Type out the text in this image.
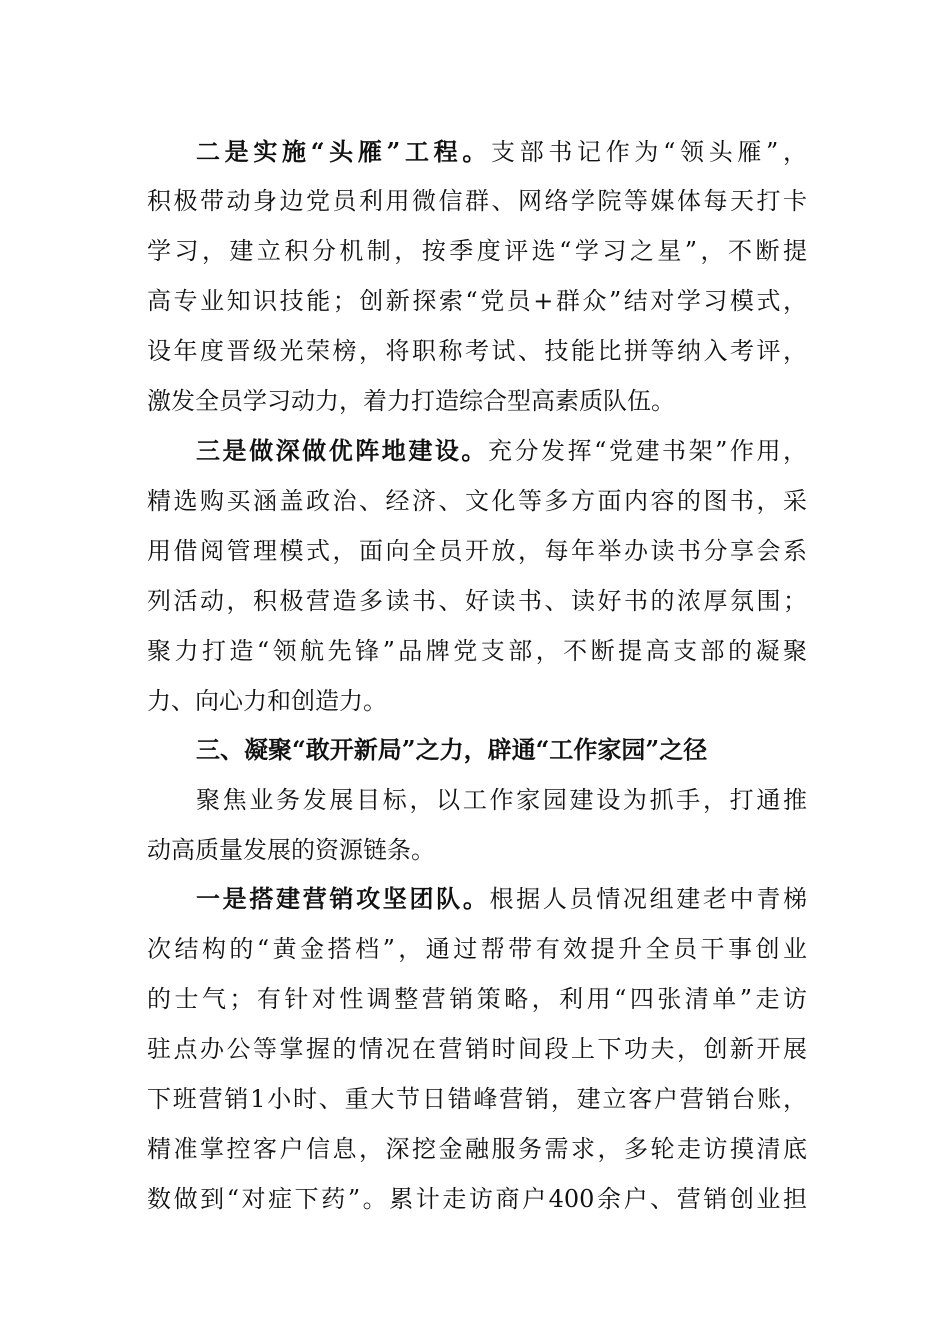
二是实施“头雁”工程。支部书记作为“领头雁”，
积极带动身边党员利用微信群、网络学院等媒体每天打卡
学习，建立积分机制，按季度评选“学习之星”，不断提
高专业知识技能；创新探索“党员+群众”结对学习模式，
设年度晋级光荣榜，将职称考试、技能比拼等纳入考评，
激发全员学习动力，着力打造综合型高素质队伍。
三是做深做优阵地建设。充分发挥“党建书架”作用，
精选购买涵盖政治、经济、文化等多方面内容的图书，采
用借阅管理模式，面向全员开放，每年举办读书分享会系
列活动，积极营造多读书、好读书、读好书的浓厚氛围；
聚力打造“领航先锋”品牌党支部，不断提高支部的凝聚
力、向心力和创造力。
三、凝聚“敢开新局”之力，辟通“工作家园”之径
聚焦业务发展目标，以工作家园建设为抓手，打通推
动高质量发展的资源链条。
一是搭建营销攻坚团队。根据人员情况组建老中青梯
次结构的“黄金搭档”，通过帮带有效提升全员干事创业
的士气；有针对性调整营销策略，利用“四张清单”走访
驻点办公等掌握的情况在营销时间段上下功夫，创新开展
下班营销1小时、重大节日错峰营销，建立客户营销台账，
精准掌控客户信息，深挖金融服务需求，多轮走访摸清底
数做到“对症下药”。累计走访商户400余户、营销创业担
